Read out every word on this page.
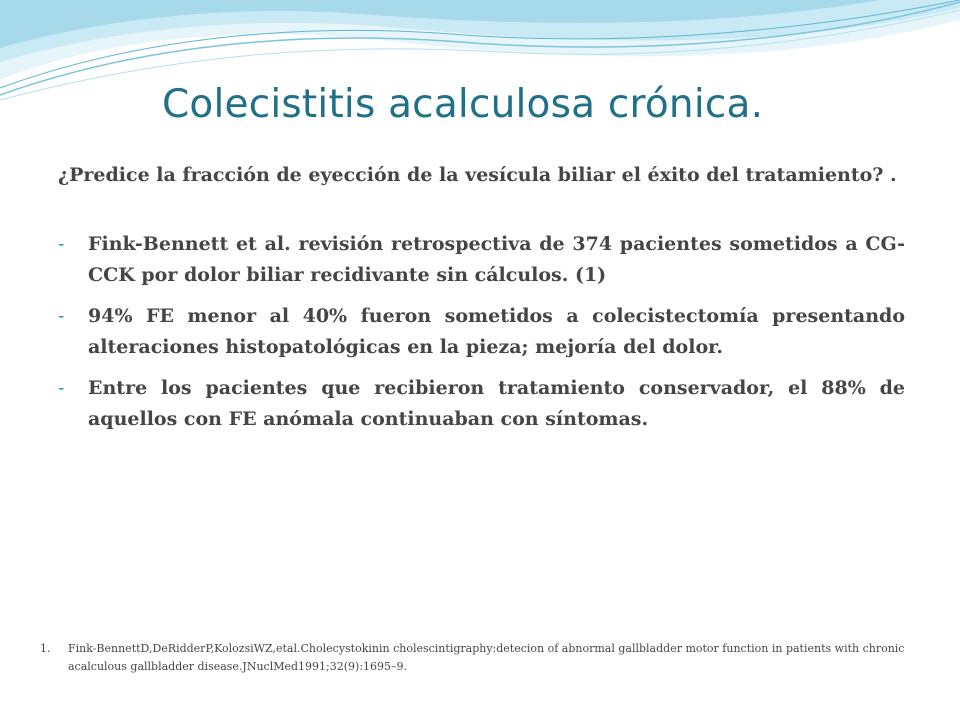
Colecistitis acalculosa crónica.

¿Predice la fracción de eyección de la vesícula biliar el éxito del tratamiento? .

- Fink-Bennett et al. revisión retrospectiva de 374 pacientes sometidos a CG-CCK por dolor biliar recidivante sin cálculos. (1)
- 94% FE menor al 40% fueron sometidos a colecistectomía presentando alteraciones histopatológicas en la pieza; mejoría del dolor.
- Entre los pacientes que recibieron tratamiento conservador, el 88% de aquellos con FE anómala continuaban con síntomas.
1. Fink-BennettD,DeRidderP,KolozsiWZ,etal.Cholecystokinin cholescintigraphy:detecion of abnormal gallbladder motor function in patients with chronic acalculous gallbladder disease.JNuclMed1991;32(9):1695–9.
